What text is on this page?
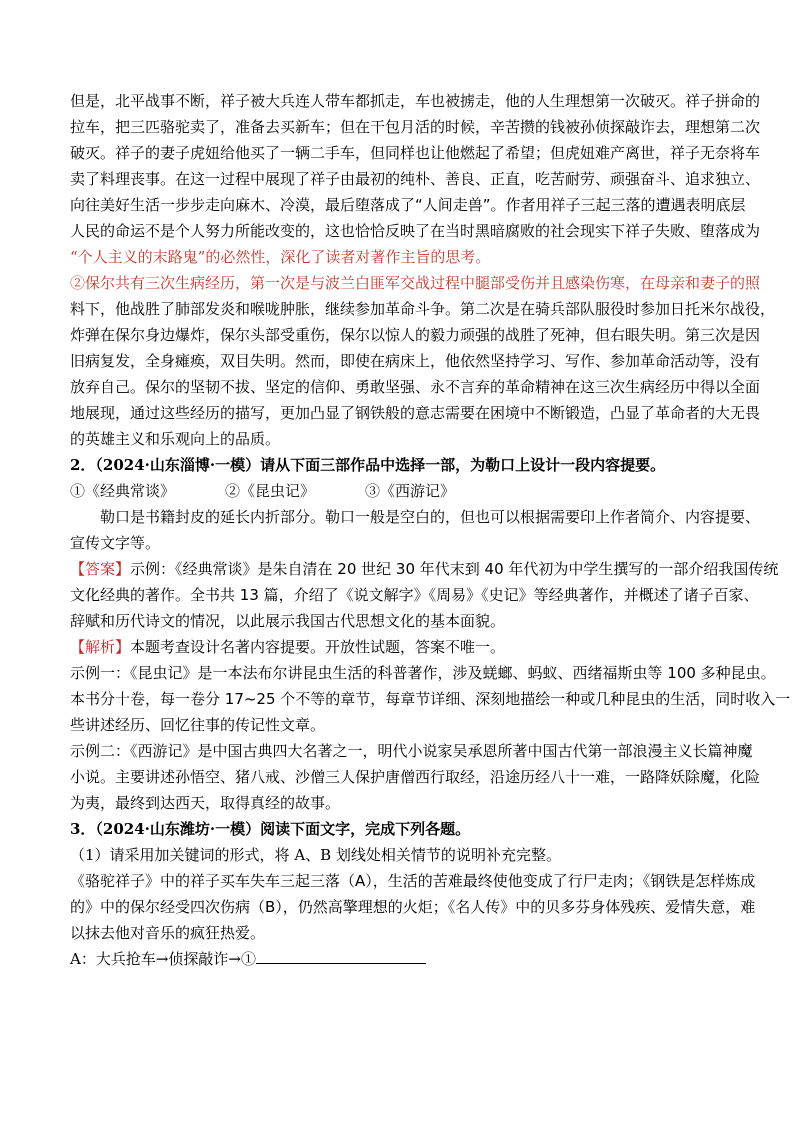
但是，北平战事不断，祥子被大兵连人带车都抓走，车也被掳走，他的人生理想第一次破灭。祥子拼命的

拉车，把三匹骆驼卖了，准备去买新车；但在干包月活的时候，辛苦攒的钱被孙侦探敲诈去，理想第二次

破灭。祥子的妻子虎妞给他买了一辆二手车，但同样也让他燃起了希望；但虎妞难产离世，祥子无奈将车

卖了料理丧事。在这一过程中展现了祥子由最初的纯朴、善良、正直，吃苦耐劳、顽强奋斗、追求独立、

向往美好生活一步步走向麻木、冷漠，最后堕落成了“人间走兽”。作者用祥子三起三落的遭遇表明底层

人民的命运不是个人努力所能改变的，这也恰恰反映了在当时黑暗腐败的社会现实下祥子失败、堕落成为

“个人主义的末路鬼”的必然性，深化了读者对著作主旨的思考。

②保尔共有三次生病经历，第一次是与波兰白匪军交战过程中腿部受伤并且感染伤寒，在母亲和妻子的照

料下，他战胜了肺部发炎和喉咙肿胀，继续参加革命斗争。第二次是在骑兵部队服役时参加日托米尔战役，

炸弹在保尔身边爆炸，保尔头部受重伤，保尔以惊人的毅力顽强的战胜了死神，但右眼失明。第三次是因

旧病复发，全身瘫痪，双目失明。然而，即使在病床上，他依然坚持学习、写作、参加革命活动等，没有

放弃自己。保尔的坚韧不拔、坚定的信仰、勇敢坚强、永不言弃的革命精神在这三次生病经历中得以全面

地展现，通过这些经历的描写，更加凸显了钢铁般的意志需要在困境中不断锻造，凸显了革命者的大无畏

的英雄主义和乐观向上的品质。

2．（2024·山东淄博·一模）请从下面三部作品中选择一部，为勒口上设计一段内容提要。

①《经典常谈》	②《昆虫记》	③《西游记》

勒口是书籍封皮的延长内折部分。勒口一般是空白的，但也可以根据需要印上作者简介、内容提要、

宣传文字等。

【答案】示例：《经典常谈》是朱自清在 20 世纪 30 年代末到 40 年代初为中学生撰写的一部介绍我国传统

文化经典的著作。全书共 13 篇，介绍了《说文解字》《周易》《史记》等经典著作，并概述了诸子百家、

辞赋和历代诗文的情况，以此展示我国古代思想文化的基本面貌。

【解析】本题考查设计名著内容提要。开放性试题，答案不唯一。

示例一：《昆虫记》是一本法布尔讲昆虫生活的科普著作，涉及蜣螂、蚂蚁、西绪福斯虫等 100 多种昆虫。

本书分十卷，每一卷分 17~25 个不等的章节，每章节详细、深刻地描绘一种或几种昆虫的生活，同时收入一

些讲述经历、回忆往事的传记性文章。

示例二：《西游记》是中国古典四大名著之一，明代小说家吴承恩所著中国古代第一部浪漫主义长篇神魔

小说。主要讲述孙悟空、猪八戒、沙僧三人保护唐僧西行取经，沿途历经八十一难，一路降妖除魔，化险

为夷，最终到达西天，取得真经的故事。

3．（2024·山东潍坊·一模）阅读下面文字，完成下列各题。

（1）请采用加关键词的形式，将 A、B 划线处相关情节的说明补充完整。

《骆驼祥子》中的祥子买车失车三起三落（A），生活的苦难最终使他变成了行尸走肉；《钢铁是怎样炼成

的》中的保尔经受四次伤病（B），仍然高擎理想的火炬；《名人传》中的贝多芬身体残疾、爱情失意，难

以抹去他对音乐的疯狂热爱。

A：大兵抢车→侦探敲诈→①
